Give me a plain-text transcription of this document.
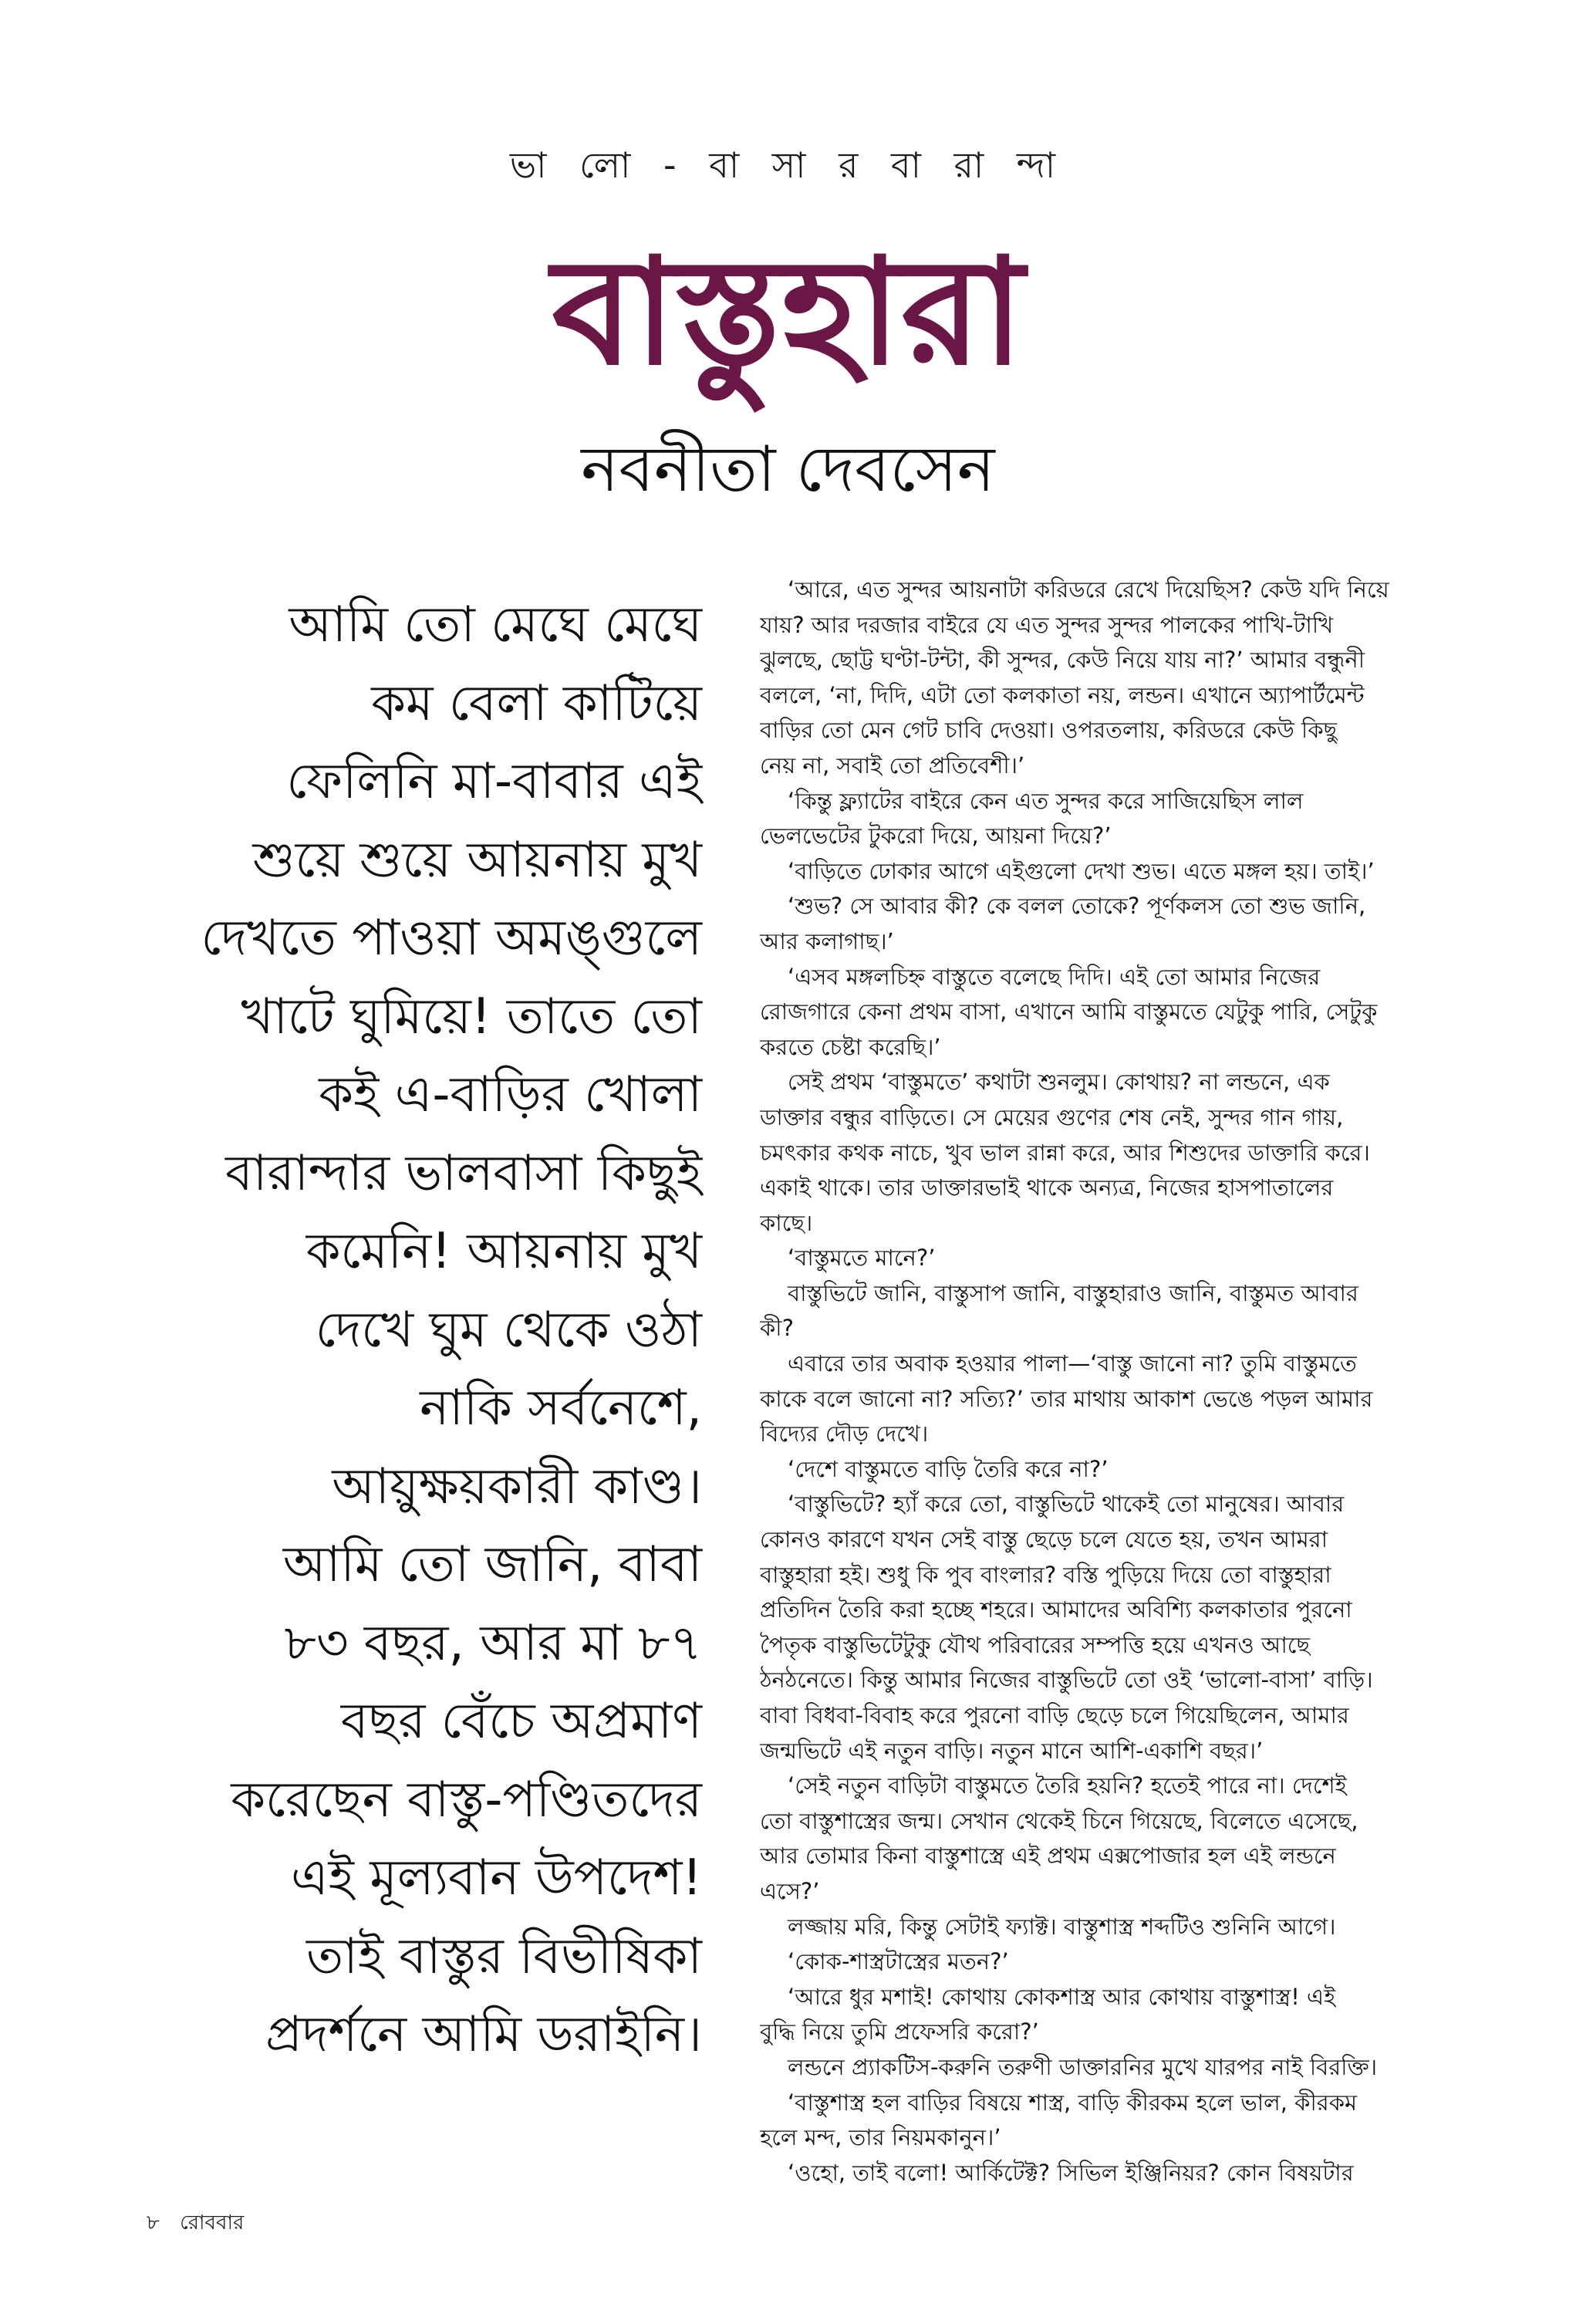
ভা লো - বা সা র বা রা ন্দা
বাস্তুহারা
নবনীতা দেবসেন
আমি তো মেঘে মেঘে
কম বেলা কাটিয়ে
ফেলিনি মা-বাবার এই
শুয়ে শুয়ে আয়নায় মুখ
দেখতে পাওয়া অমঙ্গুলে
খাটে ঘুমিয়ে! তাতে তো
কই এ-বাড়ির খোলা
বারান্দার ভালবাসা কিছুই
কমেনি! আয়নায় মুখ
দেখে ঘুম থেকে ওঠা
নাকি সর্বনেশে,
আয়ুক্ষয়কারী কাণ্ড।
আমি তো জানি, বাবা
৮৩ বছর, আর মা ৮৭
বছর বেঁচে অপ্রমাণ
করেছেন বাস্তু-পণ্ডিতদের
এই মূল্যবান উপদেশ!
তাই বাস্তুর বিভীষিকা
প্রদর্শনে আমি ডরাইনি।
‘আরে, এত সুন্দর আয়নাটা করিডরে রেখে দিয়েছিস? কেউ যদি নিয়ে
যায়? আর দরজার বাইরে যে এত সুন্দর সুন্দর পালকের পাখি-টাখি
ঝুলছে, ছোট্ট ঘণ্টা-টন্টা, কী সুন্দর, কেউ নিয়ে যায় না?’ আমার বন্ধুনী
বললে, ‘না, দিদি, এটা তো কলকাতা নয়, লন্ডন। এখানে অ্যাপার্টমেন্ট
বাড়ির তো মেন গেট চাবি দেওয়া। ওপরতলায়, করিডরে কেউ কিছু
নেয় না, সবাই তো প্রতিবেশী।’
‘কিন্তু ফ্ল্যাটের বাইরে কেন এত সুন্দর করে সাজিয়েছিস লাল
ভেলভেটের টুকরো দিয়ে, আয়না দিয়ে?’
‘বাড়িতে ঢোকার আগে এইগুলো দেখা শুভ। এতে মঙ্গল হয়। তাই।’
‘শুভ? সে আবার কী? কে বলল তোকে? পূর্ণকলস তো শুভ জানি,
আর কলাগাছ।’
‘এসব মঙ্গলচিহ্ন বাস্তুতে বলেছে দিদি। এই তো আমার নিজের
রোজগারে কেনা প্রথম বাসা, এখানে আমি বাস্তুমতে যেটুকু পারি, সেটুকু
করতে চেষ্টা করেছি।’
সেই প্রথম ‘বাস্তুমতে’ কথাটা শুনলুম। কোথায়? না লন্ডনে, এক
ডাক্তার বন্ধুর বাড়িতে। সে মেয়ের গুণের শেষ নেই, সুন্দর গান গায়,
চমৎকার কথক নাচে, খুব ভাল রান্না করে, আর শিশুদের ডাক্তারি করে।
একাই থাকে। তার ডাক্তারভাই থাকে অন্যত্র, নিজের হাসপাতালের
কাছে।
‘বাস্তুমতে মানে?’
বাস্তুভিটে জানি, বাস্তুসাপ জানি, বাস্তুহারাও জানি, বাস্তুমত আবার
কী?
এবারে তার অবাক হওয়ার পালা—‘বাস্তু জানো না? তুমি বাস্তুমতে
কাকে বলে জানো না? সত্যি?’ তার মাথায় আকাশ ভেঙে পড়ল আমার
বিদ্যের দৌড় দেখে।
‘দেশে বাস্তুমতে বাড়ি তৈরি করে না?’
‘বাস্তুভিটে? হ্যাঁ করে তো, বাস্তুভিটে থাকেই তো মানুষের। আবার
কোনও কারণে যখন সেই বাস্তু ছেড়ে চলে যেতে হয়, তখন আমরা
বাস্তুহারা হই। শুধু কি পুব বাংলার? বস্তি পুড়িয়ে দিয়ে তো বাস্তুহারা
প্রতিদিন তৈরি করা হচ্ছে শহরে। আমাদের অবিশ্যি কলকাতার পুরনো
পৈতৃক বাস্তুভিটেটুকু যৌথ পরিবারের সম্পত্তি হয়ে এখনও আছে
ঠনঠনেতে। কিন্তু আমার নিজের বাস্তুভিটে তো ওই ‘ভালো-বাসা’ বাড়ি।
বাবা বিধবা-বিবাহ করে পুরনো বাড়ি ছেড়ে চলে গিয়েছিলেন, আমার
জন্মভিটে এই নতুন বাড়ি। নতুন মানে আশি-একাশি বছর।’
‘সেই নতুন বাড়িটা বাস্তুমতে তৈরি হয়নি? হতেই পারে না। দেশেই
তো বাস্তুশাস্ত্রের জন্ম। সেখান থেকেই চিনে গিয়েছে, বিলেতে এসেছে,
আর তোমার কিনা বাস্তুশাস্ত্রে এই প্রথম এক্সপোজার হল এই লন্ডনে
এসে?’
লজ্জায় মরি, কিন্তু সেটাই ফ্যাক্ট। বাস্তুশাস্ত্র শব্দটিও শুনিনি আগে।
‘কোক-শাস্ত্রটাস্ত্রের মতন?’
‘আরে ধুর মশাই! কোথায় কোকশাস্ত্র আর কোথায় বাস্তুশাস্ত্র! এই
বুদ্ধি নিয়ে তুমি প্রফেসরি করো?’
লন্ডনে প্র্যাকটিস-করুনি তরুণী ডাক্তারনির মুখে যারপর নাই বিরক্তি।
‘বাস্তুশাস্ত্র হল বাড়ির বিষয়ে শাস্ত্র, বাড়ি কীরকম হলে ভাল, কীরকম
হলে মন্দ, তার নিয়মকানুন।’
‘ওহো, তাই বলো! আর্কিটেক্ট? সিভিল ইঞ্জিনিয়র? কোন বিষয়টার
৮ রোববার
